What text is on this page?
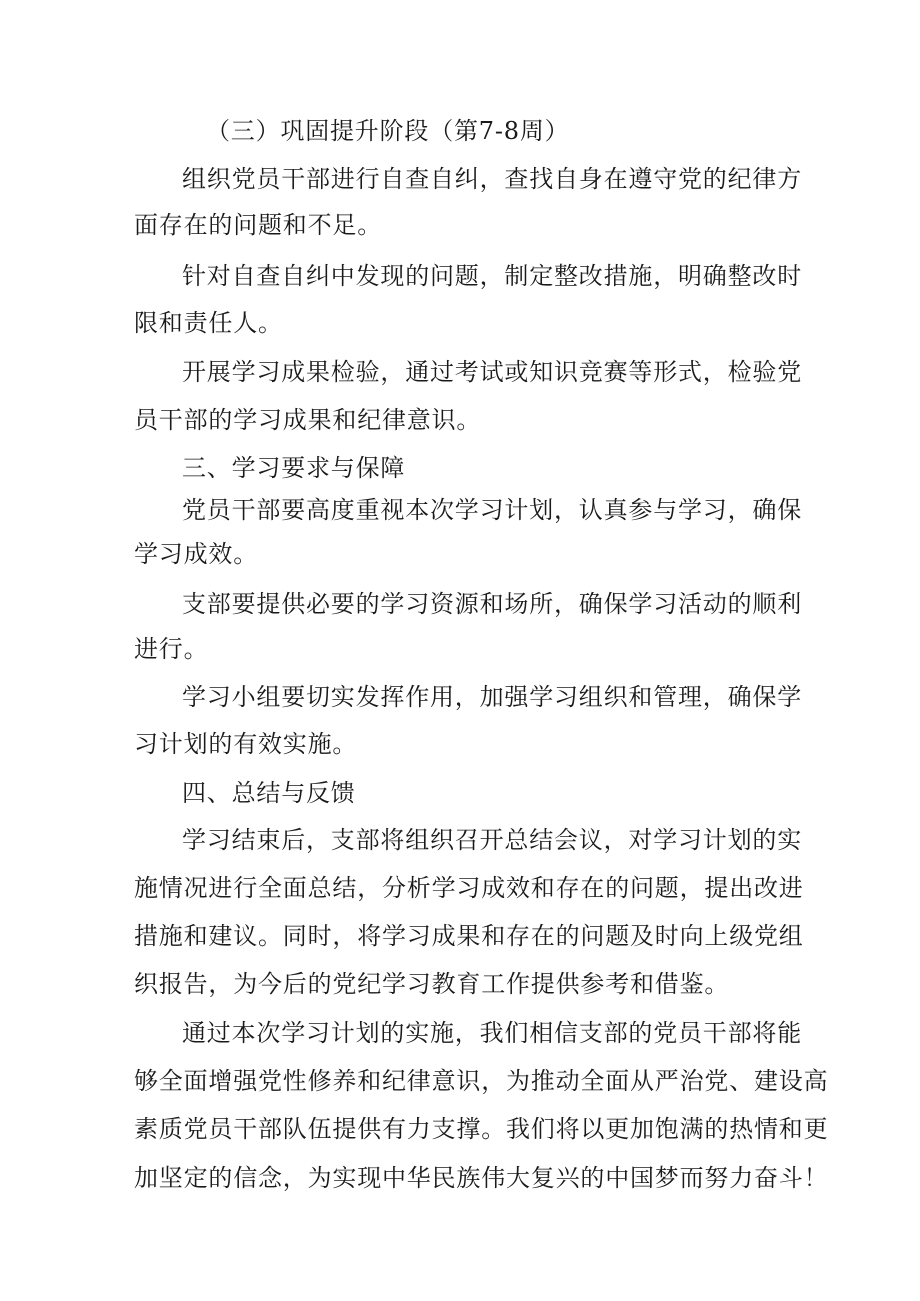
（三）巩固提升阶段（第7-8周）
组织党员干部进行自查自纠，查找自身在遵守党的纪律方
面存在的问题和不足。
针对自查自纠中发现的问题，制定整改措施，明确整改时
限和责任人。
开展学习成果检验，通过考试或知识竞赛等形式，检验党
员干部的学习成果和纪律意识。
三、学习要求与保障
党员干部要高度重视本次学习计划，认真参与学习，确保
学习成效。
支部要提供必要的学习资源和场所，确保学习活动的顺利
进行。
学习小组要切实发挥作用，加强学习组织和管理，确保学
习计划的有效实施。
四、总结与反馈
学习结束后，支部将组织召开总结会议，对学习计划的实
施情况进行全面总结，分析学习成效和存在的问题，提出改进
措施和建议。同时，将学习成果和存在的问题及时向上级党组
织报告，为今后的党纪学习教育工作提供参考和借鉴。
通过本次学习计划的实施，我们相信支部的党员干部将能
够全面增强党性修养和纪律意识，为推动全面从严治党、建设高
素质党员干部队伍提供有力支撑。我们将以更加饱满的热情和更
加坚定的信念，为实现中华民族伟大复兴的中国梦而努力奋斗！
